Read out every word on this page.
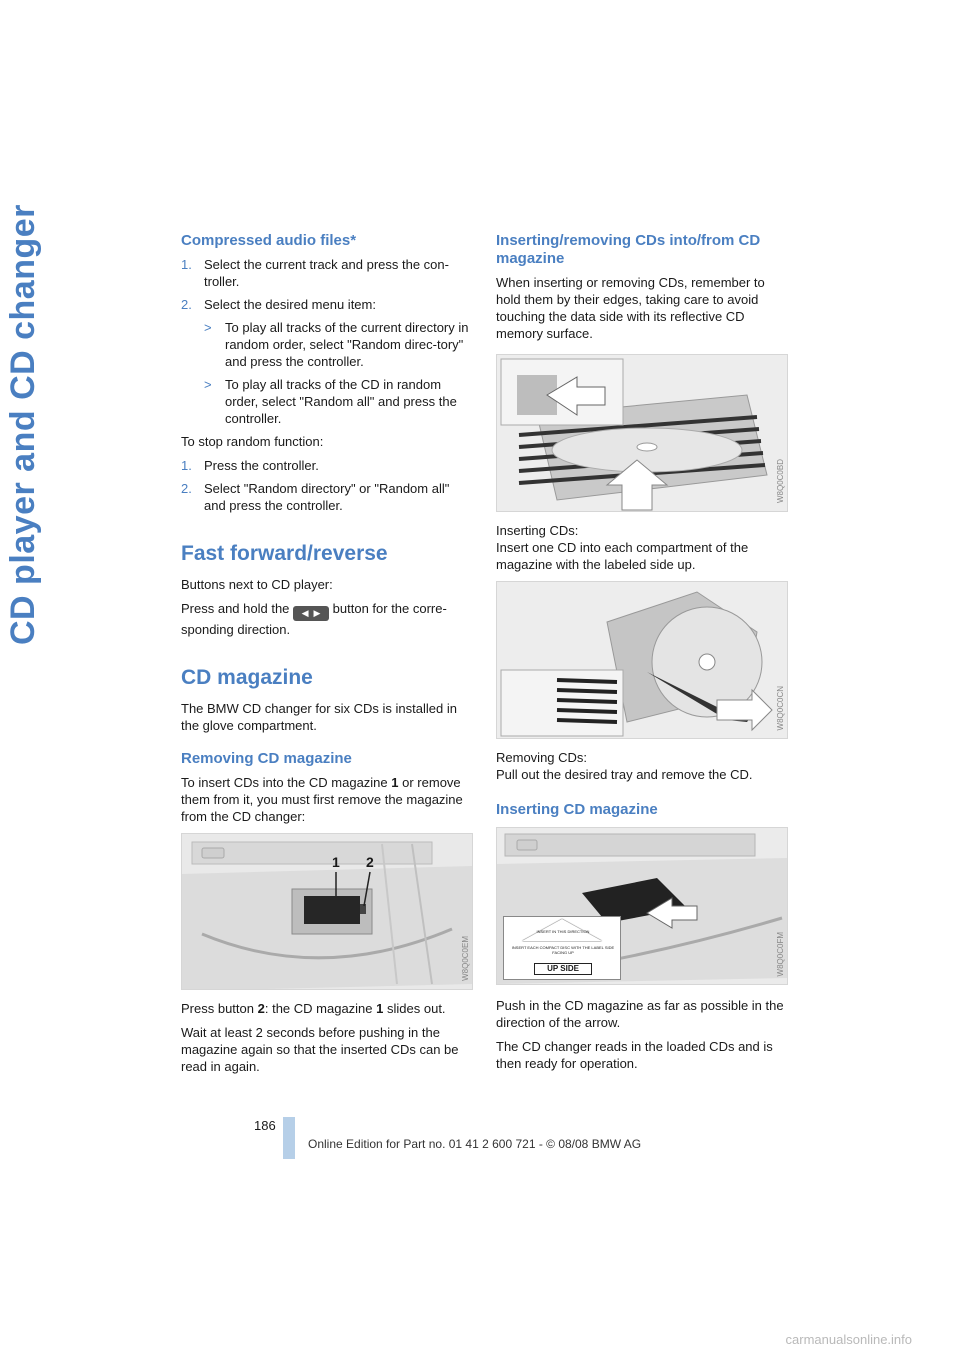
CD player and CD changer	Compressed audio files*
1. Select the current track and press the con-troller.
2. Select the desired menu item:
> To play all tracks of the current directory in random order, select "Random direc-tory" and press the controller.
> To play all tracks of the CD in random order, select "Random all" and press the controller.

To stop random function:

1. Press the controller.
2. Select "Random directory" or "Random all" and press the controller.
Fast forward/reverse

Buttons next to CD player:

Press and hold the ◀  ▶ button for the corre-sponding direction.

CD magazine

The BMW CD changer for six CDs is installed in the glove compartment.

Removing CD magazine

To insert CDs into the CD magazine 1 or remove them from it, you must first remove the magazine from the CD changer:

1 2
W8Q0C0EM

Press button 2: the CD magazine 1 slides out.

Wait at least 2 seconds before pushing in the magazine again so that the inserted CDs can be read in again.

Inserting/removing CDs into/from CD magazine

When inserting or removing CDs, remember to hold them by their edges, taking care to avoid touching the data side with its reflective CD memory surface.

W8Q0C0BD

Inserting CDs:
Insert one CD into each compartment of the magazine with the labeled side up.

W8Q0C0CN

Removing CDs:
Pull out the desired tray and remove the CD.

Inserting CD magazine
INSERT IN THIS DIRECTION
INSERT EACH COMPACT DISC WITH THE LABEL SIDE FACING UP
UP SIDE	W8Q0C0FM

Push in the CD magazine as far as possible in the direction of the arrow.

The CD changer reads in the loaded CDs and is then ready for operation.

186
Online Edition for Part no. 01 41 2 600 721 - © 08/08 BMW AG
carmanualsonline.info
